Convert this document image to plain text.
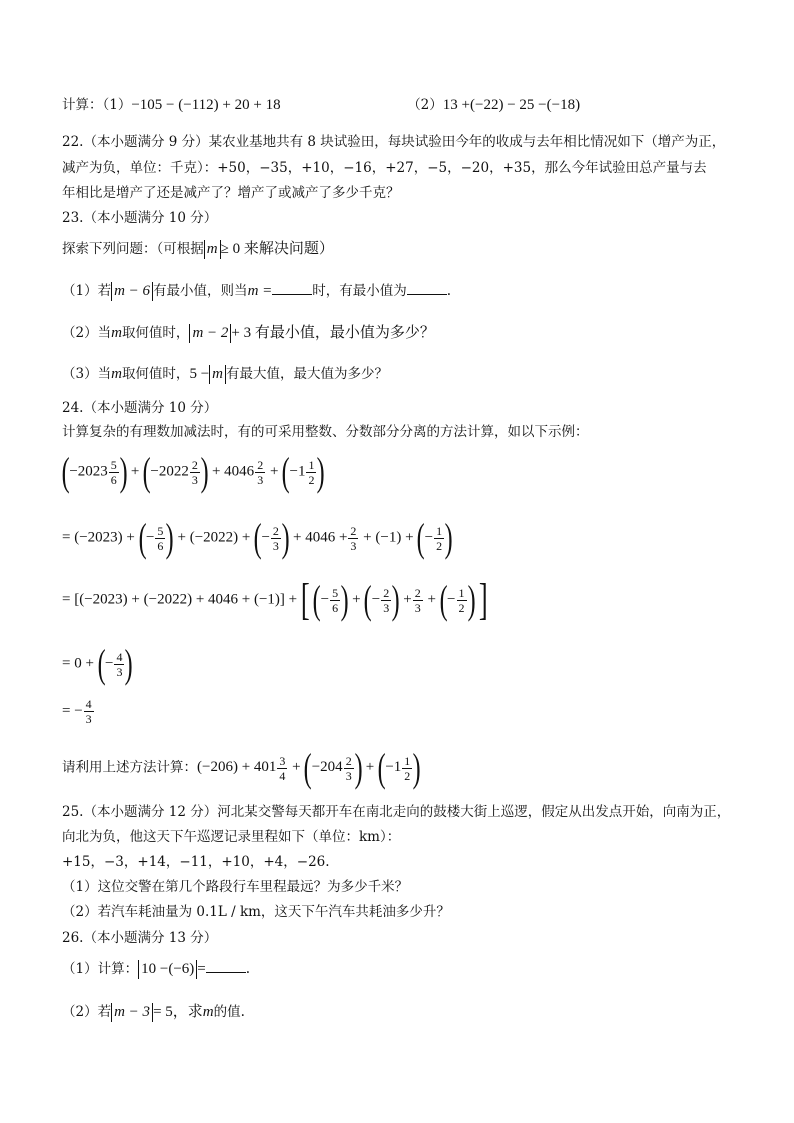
计算：（1）−105 − (−112) + 20 + 18	（2）13 +(−22) − 25 −(−18)
22.（本小题满分 9 分）某农业基地共有 8 块试验田，每块试验田今年的收成与去年相比情况如下（增产为正，
减产为负，单位：千克）：+50，−35，+10，−16，+27，−5，−20，+35，那么今年试验田总产量与去
年相比是增产了还是减产了？增产了或减产了多少千克？
23.（本小题满分 10 分）
探索下列问题：（可根据 m ≥ 0 来解决问题）
（1）若 m − 6 有最小值，则当m =	时，有最小值为	.
（2）当m取何值时， m − 2 + 3 有最小值，最小值为多少？
（3）当m取何值时，5 − m 有最大值，最大值为多少？
24.（本小题满分 10 分）
计算复杂的有理数加减法时，有的可采用整数、分数部分分离的方法计算，如以下示例：
($-2023 \frac{5}{6}$ ) + ($-2022 \frac{2}{3}$ ) + $4046 \frac{2}{3} + (-1 \frac{1}{2}$ )
= (−2023) + (− $\frac{5}{6}$ ) + (−2022) + (− $\frac{2}{3}$ ) + $4046 + \frac{2}{3} + (-1)$ + (− $\frac{1}{2}$ )
= [(−2023) + (−2022) + 4046 + (−1)] + [ (− $\frac{5}{6}$ ) + (− $\frac{2}{3}$ ) + $\frac{2}{3}$ + (− $\frac{1}{2}$ ) ]
= 0 + (− $\frac{4}{3}$ )
= − $\frac{4}{3}$
请利用上述方法计算：$(-206) + 401 \frac{3}{4} + (-204 \frac{2}{3}$ ) + ($-1 \frac{1}{2}$ )
25.（本小题满分 12 分）河北某交警每天都开车在南北走向的鼓楼大街上巡逻，假定从出发点开始，向南为正，
向北为负，他这天下午巡逻记录里程如下（单位：km）：
+15，−3，+14，−11，+10，+4，−26.
（1）这位交警在第几个路段行车里程最远？为多少千米？
（2）若汽车耗油量为 0.1L / km，这天下午汽车共耗油多少升？
26.（本小题满分 13 分）
（1）计算： 10 −(−6) =	.
（2）若 m − 3 = 5，求m的值.
